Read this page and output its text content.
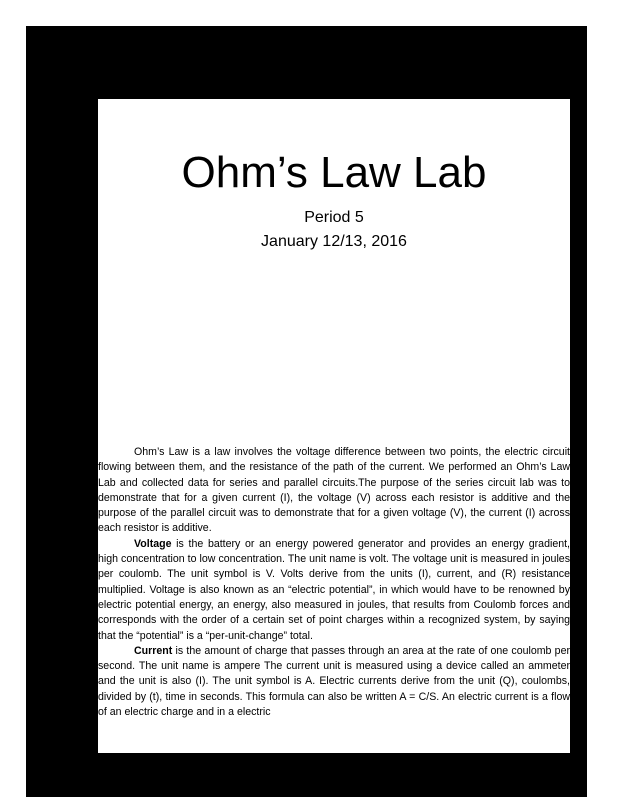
Ohm’s Law Lab
Period 5
January 12/13, 2016

Ohm’s Law is a law involves the voltage difference between two points, the electric circuit flowing between them, and the resistance of the path of the current. We performed an Ohm’s Law Lab and collected data for series and parallel circuits.The purpose of the series circuit lab was to demonstrate that for a given current (I), the voltage (V) across each resistor is additive and the purpose of the parallel circuit was to demonstrate that for a given voltage (V), the current (I) across each resistor is additive.

Voltage is the battery or an energy powered generator and provides an energy gradient, high concentration to low concentration. The unit name is volt. The voltage unit is measured in joules per coulomb. The unit symbol is V. Volts derive from the units (I), current, and (R) resistance multiplied. Voltage is also known as an “electric potential”, in which would have to be renowned by electric potential energy, an energy, also measured in joules, that results from Coulomb forces and corresponds with the order of a certain set of point charges within a recognized system, by saying that the “potential” is a “per-unit-change” total.

Current is the amount of charge that passes through an area at the rate of one coulomb per second. The unit name is ampere The current unit is measured using a device called an ammeter and the unit is also (I). The unit symbol is A. Electric currents derive from the unit (Q), coulombs, divided by (t), time in seconds. This formula can also be written A = C/S. An electric current is a flow of an electric charge and in a electric
